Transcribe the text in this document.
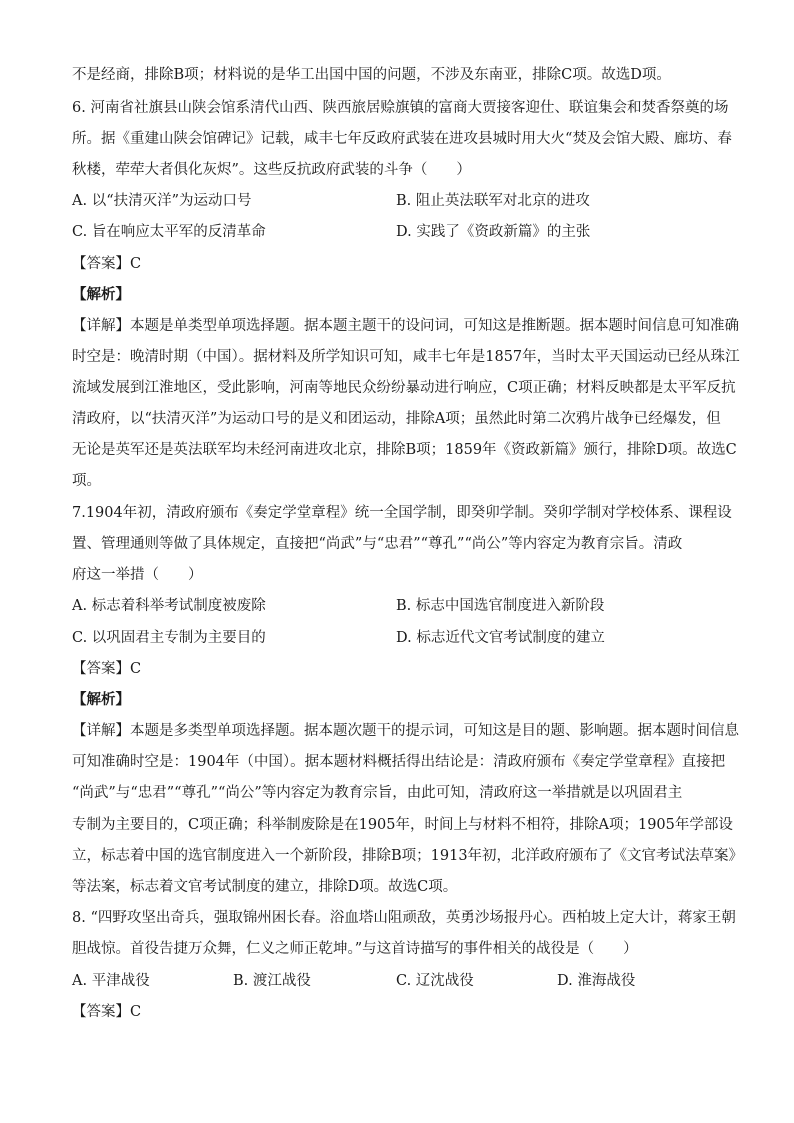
不是经商，排除B项；材料说的是华工出国中国的问题，不涉及东南亚，排除C项。故选D项。
6. 河南省社旗县山陕会馆系清代山西、陕西旅居赊旗镇的富商大贾接客迎仕、联谊集会和焚香祭奠的场
所。据《重建山陕会馆碑记》记载，咸丰七年反政府武装在进攻县城时用大火“焚及会馆大殿、廊坊、春
秋楼，荦荦大者俱化灰烬”。这些反抗政府武装的斗争（　　）
A. 以“扶清灭洋”为运动口号	B. 阻止英法联军对北京的进攻
C. 旨在响应太平军的反清革命	D. 实践了《资政新篇》的主张
【答案】C
【解析】
【详解】本题是单类型单项选择题。据本题主题干的设问词，可知这是推断题。据本题时间信息可知准确
时空是：晚清时期（中国）。据材料及所学知识可知，咸丰七年是1857年，当时太平天国运动已经从珠江
流域发展到江淮地区，受此影响，河南等地民众纷纷暴动进行响应，C项正确；材料反映都是太平军反抗
清政府，以“扶清灭洋”为运动口号的是义和团运动，排除A项；虽然此时第二次鸦片战争已经爆发，但
无论是英军还是英法联军均未经河南进攻北京，排除B项；1859年《资政新篇》颁行，排除D项。故选C
项。
7.1904年初，清政府颁布《奏定学堂章程》统一全国学制，即癸卯学制。癸卯学制对学校体系、课程设
置、管理通则等做了具体规定，直接把“尚武”与“忠君”“尊孔”“尚公”等内容定为教育宗旨。清政
府这一举措（　　）
A. 标志着科举考试制度被废除	B. 标志中国选官制度进入新阶段
C. 以巩固君主专制为主要目的	D. 标志近代文官考试制度的建立
【答案】C
【解析】
【详解】本题是多类型单项选择题。据本题次题干的提示词，可知这是目的题、影响题。据本题时间信息
可知准确时空是：1904年（中国）。据本题材料概括得出结论是：清政府颁布《奏定学堂章程》直接把
“尚武”与“忠君”“尊孔”“尚公”等内容定为教育宗旨，由此可知，清政府这一举措就是以巩固君主
专制为主要目的，C项正确；科举制废除是在1905年，时间上与材料不相符，排除A项；1905年学部设
立，标志着中国的选官制度进入一个新阶段，排除B项；1913年初，北洋政府颁布了《文官考试法草案》
等法案，标志着文官考试制度的建立，排除D项。故选C项。
8. “四野攻坚出奇兵，强取锦州困长春。浴血塔山阻顽敌，英勇沙场报丹心。西柏坡上定大计，蒋家王朝
胆战惊。首役告捷万众舞，仁义之师正乾坤。”与这首诗描写的事件相关的战役是（　　）
A. 平津战役	B. 渡江战役	C. 辽沈战役	D. 淮海战役
【答案】C
